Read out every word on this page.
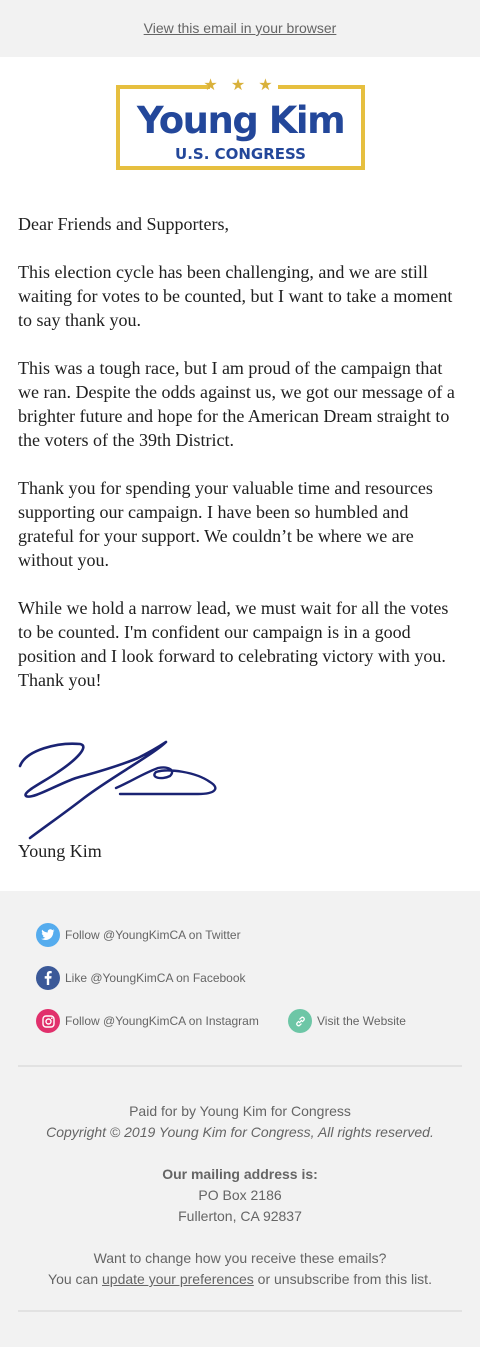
View this email in your browser
Young Kim
U.S. CONGRESS
★ ★ ★

Dear Friends and Supporters,

This election cycle has been challenging, and we are still waiting for votes to be counted, but I want to take a moment to say thank you.

This was a tough race, but I am proud of the campaign that we ran. Despite the odds against us, we got our message of a brighter future and hope for the American Dream straight to the voters of the 39th District.

Thank you for spending your valuable time and resources supporting our campaign. I have been so humbled and grateful for your support. We couldn’t be where we are without you.

While we hold a narrow lead, we must wait for all the votes to be counted. I'm confident our campaign is in a good position and I look forward to celebrating victory with you. Thank you!

Young Kim
Follow @YoungKimCA on Twitter
Like @YoungKimCA on Facebook
Follow @YoungKimCA on Instagram	Visit the Website
Paid for by Young Kim for Congress
Copyright © 2019 Young Kim for Congress, All rights reserved.
Our mailing address is:
PO Box 2186
Fullerton, CA 92837
Want to change how you receive these emails?
You can update your preferences or unsubscribe from this list.
